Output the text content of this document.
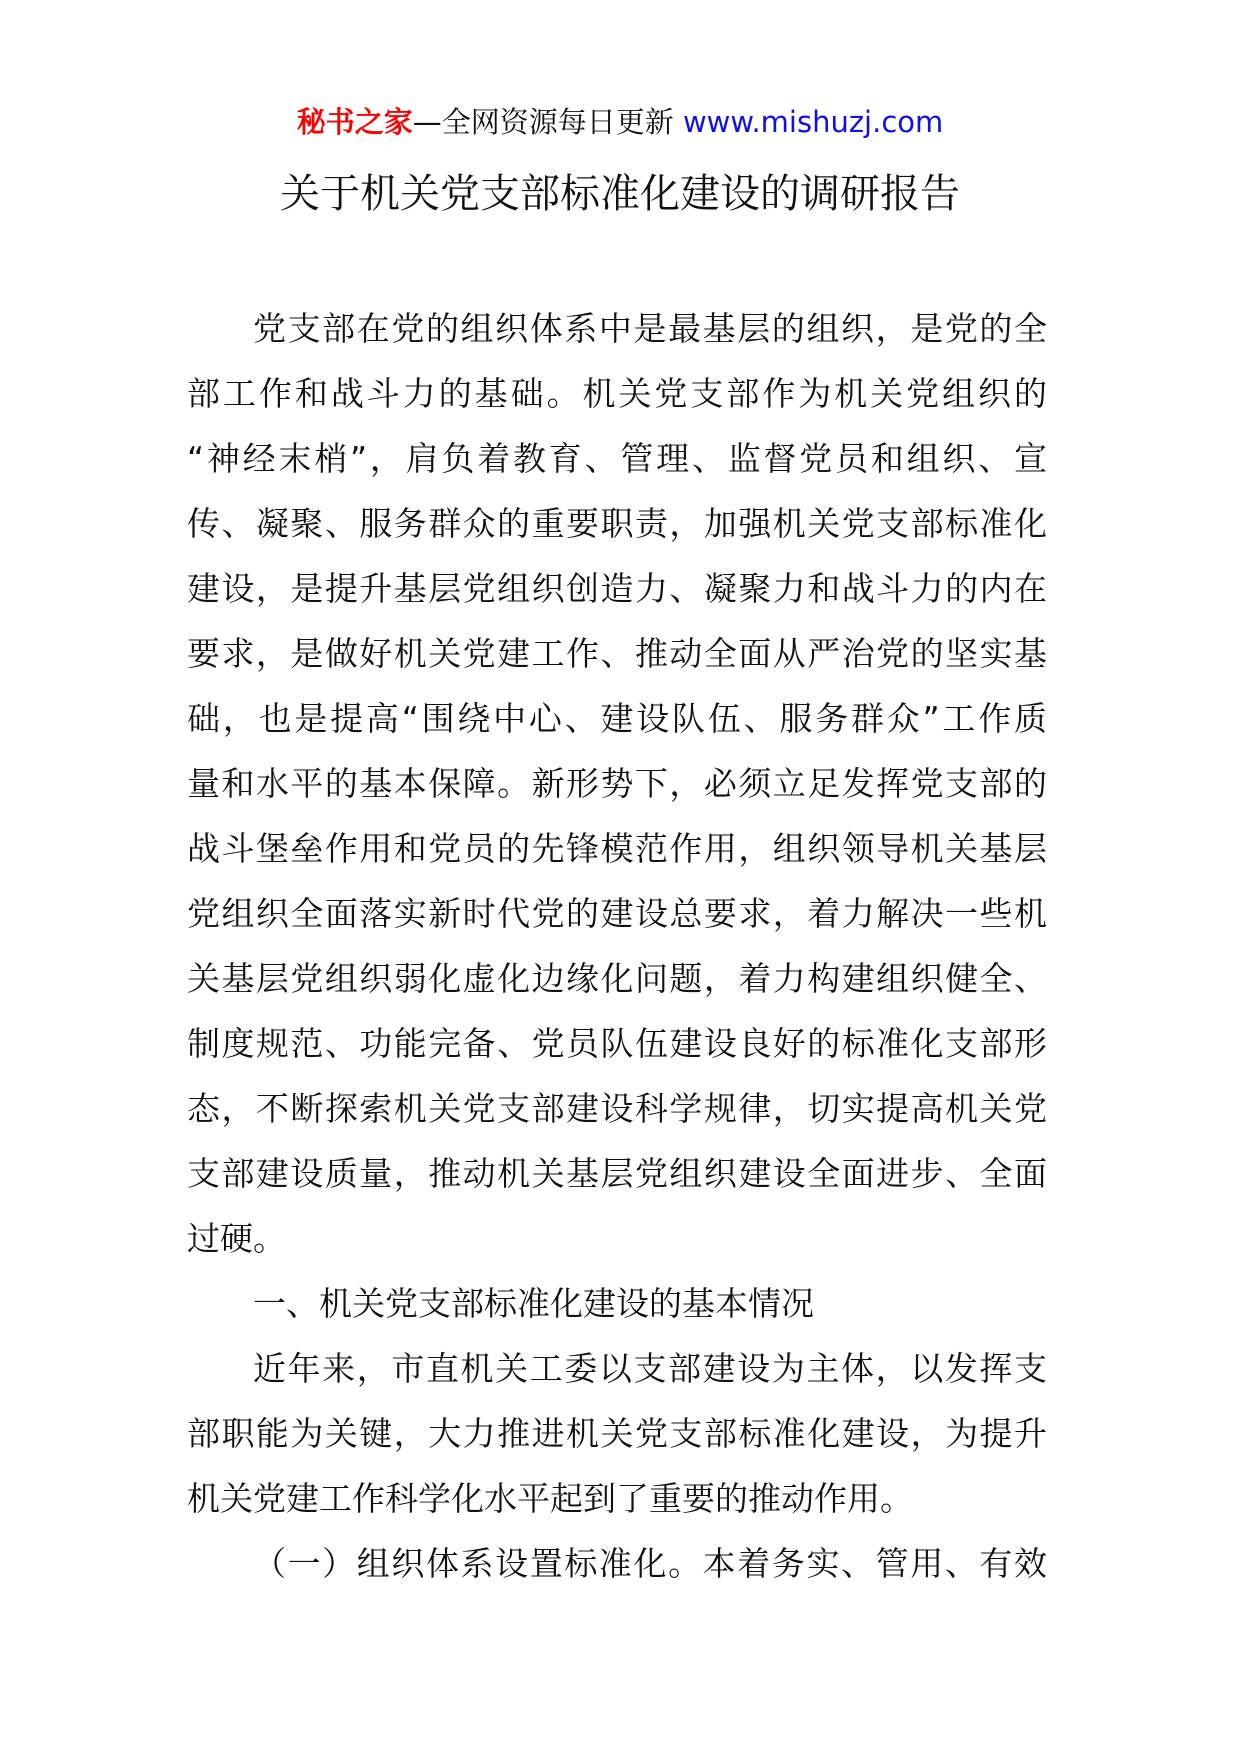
秘书之家—全网资源每日更新 www.mishuzj.com
关于机关党支部标准化建设的调研报告
党支部在党的组织体系中是最基层的组织，是党的全
部工作和战斗力的基础。机关党支部作为机关党组织的
“神经末梢”，肩负着教育、管理、监督党员和组织、宣
传、凝聚、服务群众的重要职责，加强机关党支部标准化
建设，是提升基层党组织创造力、凝聚力和战斗力的内在
要求，是做好机关党建工作、推动全面从严治党的坚实基
础，也是提高“围绕中心、建设队伍、服务群众”工作质
量和水平的基本保障。新形势下，必须立足发挥党支部的
战斗堡垒作用和党员的先锋模范作用，组织领导机关基层
党组织全面落实新时代党的建设总要求，着力解决一些机
关基层党组织弱化虚化边缘化问题，着力构建组织健全、
制度规范、功能完备、党员队伍建设良好的标准化支部形
态，不断探索机关党支部建设科学规律，切实提高机关党
支部建设质量，推动机关基层党组织建设全面进步、全面
过硬。
一、机关党支部标准化建设的基本情况
近年来，市直机关工委以支部建设为主体，以发挥支
部职能为关键，大力推进机关党支部标准化建设，为提升
机关党建工作科学化水平起到了重要的推动作用。
（一）组织体系设置标准化。本着务实、管用、有效
